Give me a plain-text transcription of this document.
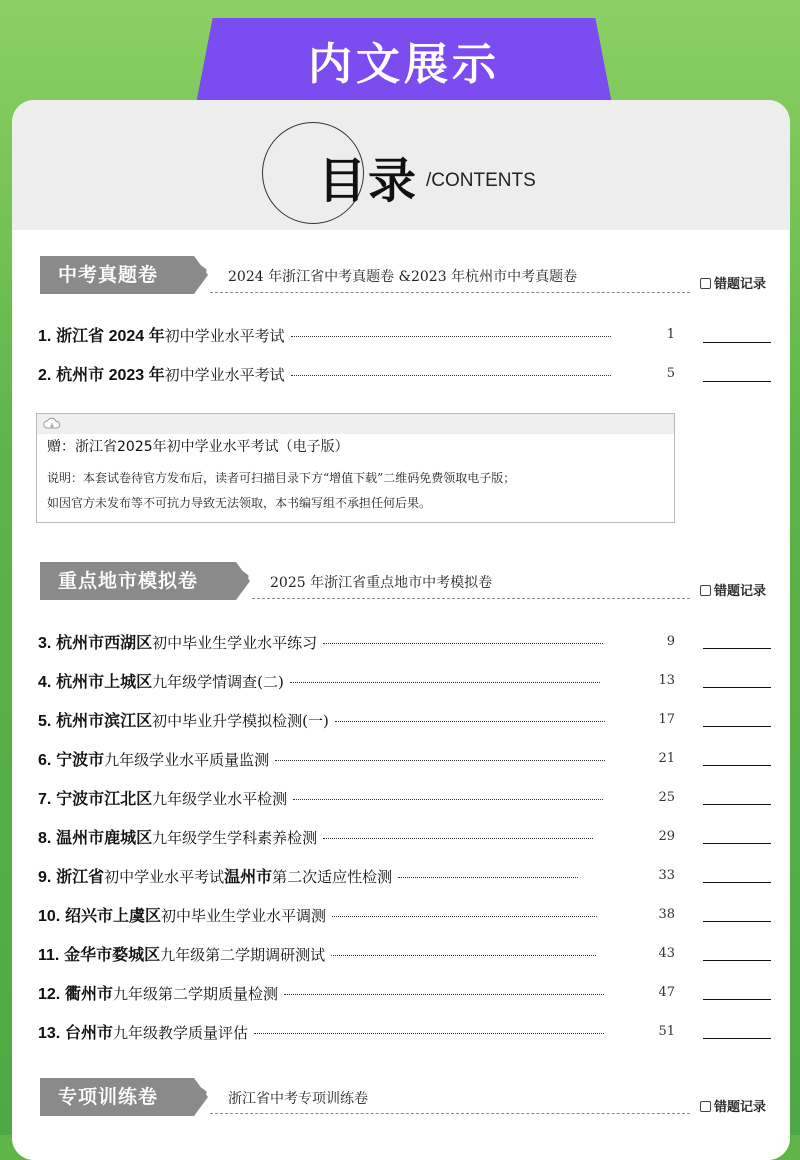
内文展示
目录 /CONTENTS
中考真题卷	›› 2024 年浙江省中考真题卷 &2023 年杭州市中考真题卷	错题记录
1. 浙江省 2024 年初中学业水平考试	1
2. 杭州市 2023 年初中学业水平考试	5
赠：浙江省2025年初中学业水平考试（电子版）
说明：本套试卷待官方发布后，读者可扫描目录下方“增值下载”二维码免费领取电子版；
如因官方未发布等不可抗力导致无法领取，本书编写组不承担任何后果。
重点地市模拟卷	›› 2025 年浙江省重点地市中考模拟卷
错题记录
3. 杭州市西湖区初中毕业生学业水平练习	9
4. 杭州市上城区九年级学情调查(二)	13
5. 杭州市滨江区初中毕业升学模拟检测(一)	17
6. 宁波市九年级学业水平质量监测	21
7. 宁波市江北区九年级学业水平检测	25
8. 温州市鹿城区九年级学生学科素养检测	29
9. 浙江省初中学业水平考试温州市第二次适应性检测	33
10. 绍兴市上虞区初中毕业生学业水平调测	38
11. 金华市婺城区九年级第二学期调研测试	43
12. 衢州市九年级第二学期质量检测	47
13. 台州市九年级教学质量评估	51
专项训练卷	›› 浙江省中考专项训练卷
错题记录
